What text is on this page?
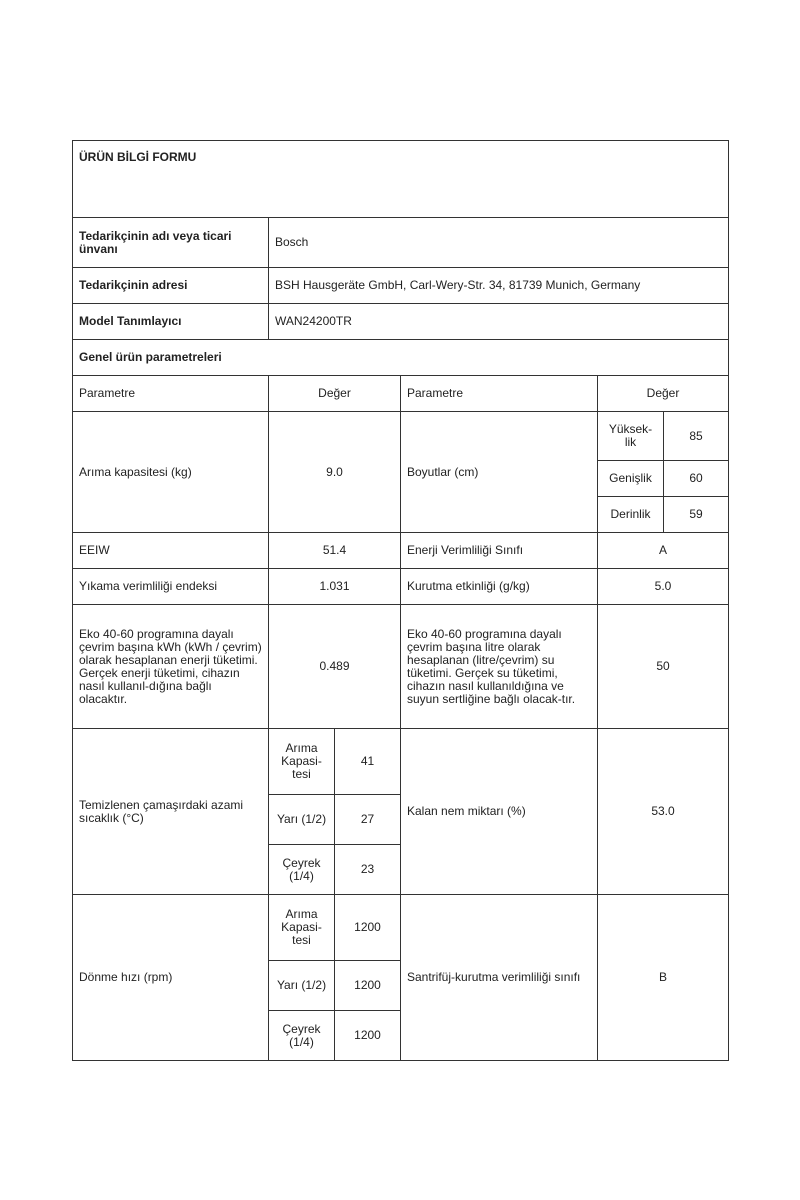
ÜRÜN BİLGİ FORMU					
Tedarikçinin adı veya ticari ünvanı	Bosch				
Tedarikçinin adresi	BSH Hausgeräte GmbH, Carl-Wery-Str. 34, 81739 Munich, Germany				
Model Tanımlayıcı	WAN24200TR				
Genel ürün parametreleri					
Parametre	Değer		Parametre	Değer	
Arıma kapasitesi (kg)	9.0		Boyutlar (cm)	Yüksek-lik	85
				Genişlik	60
				Derinlik	59
EEIW	51.4		Enerji Verimliliği Sınıfı	A	
Yıkama verimliliği endeksi	1.031		Kurutma etkinliği (g/kg)	5.0	
Eko 40-60 programına dayalı çevrim başına kWh (kWh / çevrim) olarak hesaplanan enerji tüketimi. Gerçek enerji tüketimi, cihazın nasıl kullanıl-dığına bağlı olacaktır.	0.489		Eko 40-60 programına dayalı çevrim başına litre olarak hesaplanan (litre/çevrim) su tüketimi. Gerçek su tüketimi, cihazın nasıl kullanıldığına ve suyun sertliğine bağlı olacak-tır.	50	
Temizlenen çamaşırdaki azami sıcaklık (°C)	Arıma Kapasi-tesi	41	Kalan nem miktarı (%)	53.0	
	Yarı (1/2)	27			
	Çeyrek (1/4)	23			
Dönme hızı (rpm)	Arıma Kapasi-tesi	1200	Santrifüj-kurutma verimliliği sınıfı	B	
	Yarı (1/2)	1200			
	Çeyrek (1/4)	1200			
